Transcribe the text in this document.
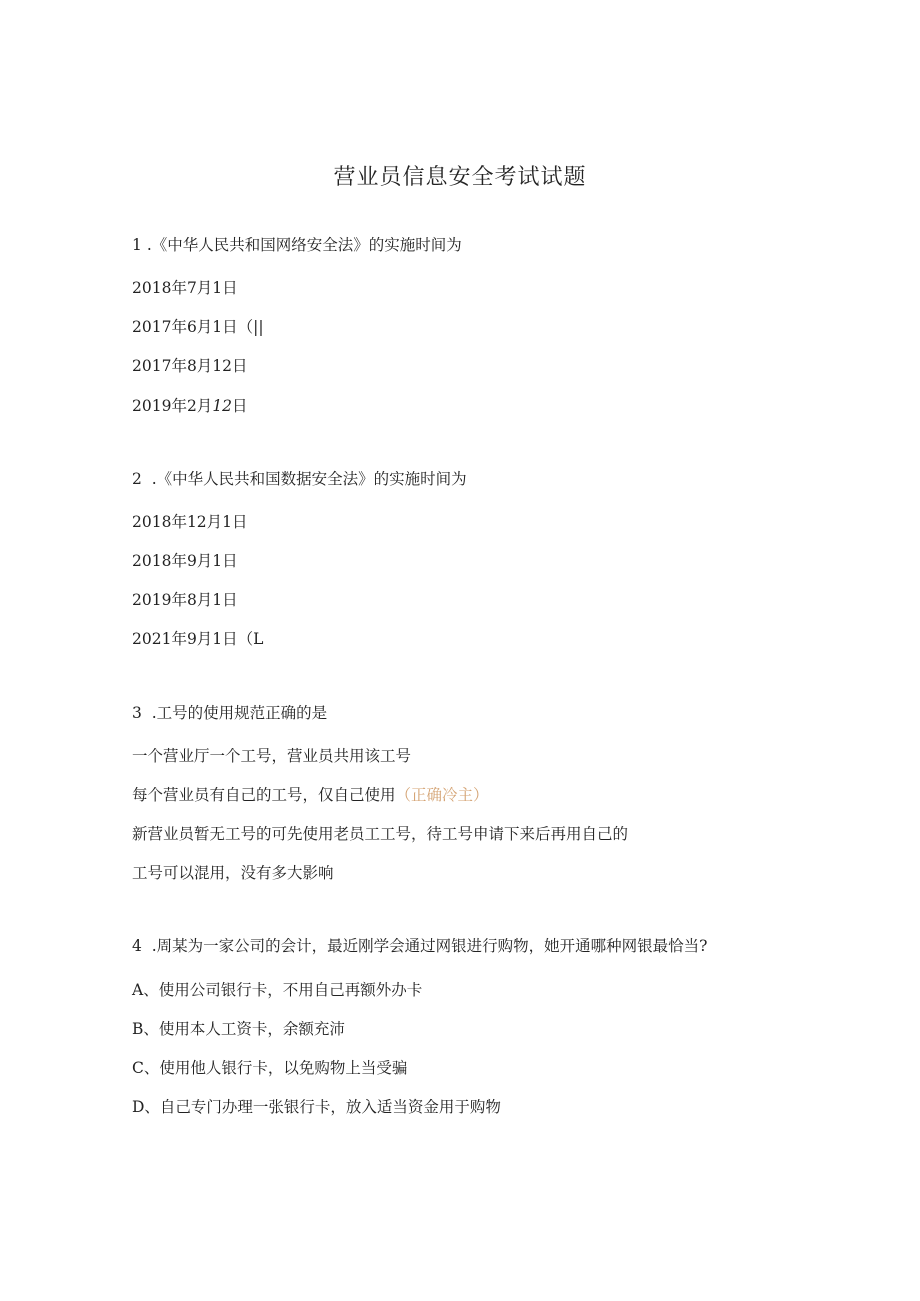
营业员信息安全考试试题
1 .《中华人民共和国网络安全法》的实施时间为
2018年7月1日
2017年6月1日（||
2017年8月12日
2019年2月12日
2 .《中华人民共和国数据安全法》的实施时间为
2018年12月1日
2018年9月1日
2019年8月1日
2021年9月1日（L
3 .工号的使用规范正确的是
一个营业厅一个工号，营业员共用该工号
每个营业员有自己的工号，仅自己使用（正确冷主）
新营业员暂无工号的可先使用老员工工号，待工号申请下来后再用自己的
工号可以混用，没有多大影响
4 .周某为一家公司的会计，最近刚学会通过网银进行购物，她开通哪种网银最恰当?
A、使用公司银行卡，不用自己再额外办卡
B、使用本人工资卡，余额充沛
C、使用他人银行卡，以免购物上当受骗
D、自己专门办理一张银行卡，放入适当资金用于购物
